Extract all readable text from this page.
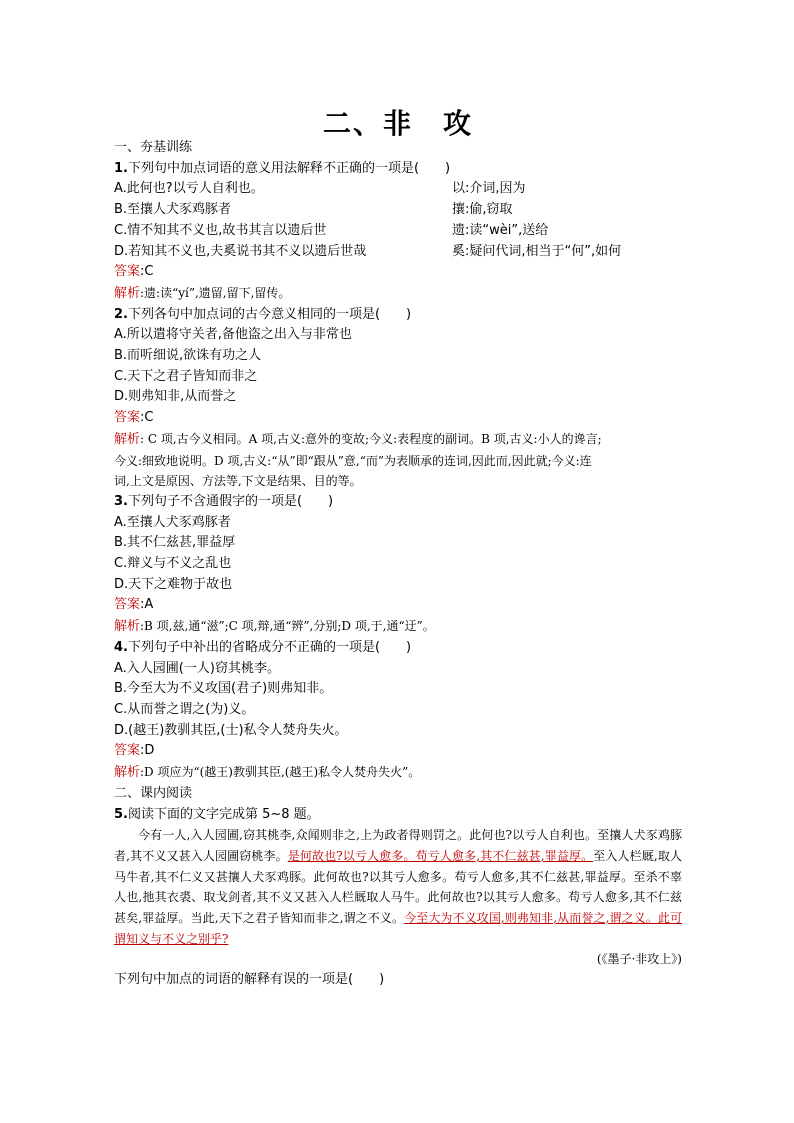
二、非　攻
一、夯基训练
1.下列句中加点词语的意义用法解释不正确的一项是(　　)
A.此何也?以亏人自利也。	以:介词,因为
B.至攘人犬豕鸡豚者	攘:偷,窃取
C.情不知其不义也,故书其言以遗后世	遗:读“wèi”,送给
D.若知其不义也,夫奚说书其不义以遗后世哉	奚:疑问代词,相当于“何”,如何
答案:C
解析:遗:读“yí”,遗留,留下,留传。
2.下列各句中加点词的古今意义相同的一项是(　　)
A.所以遣将守关者,备他盗之出入与非常也
B.而听细说,欲诛有功之人
C.天下之君子皆知而非之
D.则弗知非,从而誉之
答案:C
解析: C 项,古今义相同。A 项,古义:意外的变故;今义:表程度的副词。B 项,古义:小人的谗言;
今义:细致地说明。D 项,古义:“从”即“跟从”意,“而”为表顺承的连词,因此而,因此就;今义:连
词,上文是原因、方法等,下文是结果、目的等。
3.下列句子不含通假字的一项是(　　)
A.至攘人犬豕鸡豚者
B.其不仁兹甚,罪益厚
C.辩义与不义之乱也
D.天下之难物于故也
答案:A
解析:B 项,兹,通“滋”;C 项,辩,通“辨”,分别;D 项,于,通“迂”。
4.下列句子中补出的省略成分不正确的一项是(　　)
A.入人园圃(一人)窃其桃李。
B.今至大为不义攻国(君子)则弗知非。
C.从而誉之谓之(为)义。
D.(越王)教驯其臣,(士)私令人焚舟失火。
答案:D
解析:D 项应为“(越王)教驯其臣,(越王)私令人焚舟失火”。
二、课内阅读
5.阅读下面的文字完成第 5~8 题。
今有一人,入人园圃,窃其桃李,众闻则非之,上为政者得则罚之。此何也?以亏人自利也。至攘人犬豕鸡豚者,其不义又甚入人园圃窃桃李。是何故也?以亏人愈多。苟亏人愈多,其不仁兹甚,罪益厚。至入人栏厩,取人马牛者,其不仁义又甚攘人犬豕鸡豚。此何故也?以其亏人愈多。苟亏人愈多,其不仁兹甚,罪益厚。至杀不辜人也,扡其衣裘、取戈剑者,其不义又甚入人栏厩取人马牛。此何故也?以其亏人愈多。苟亏人愈多,其不仁兹甚矣,罪益厚。当此,天下之君子皆知而非之,谓之不义。今至大为不义攻国,则弗知非,从而誉之,谓之义。此可谓知义与不义之别乎?
(《墨子·非攻上》)
下列句中加点的词语的解释有误的一项是(　　)
